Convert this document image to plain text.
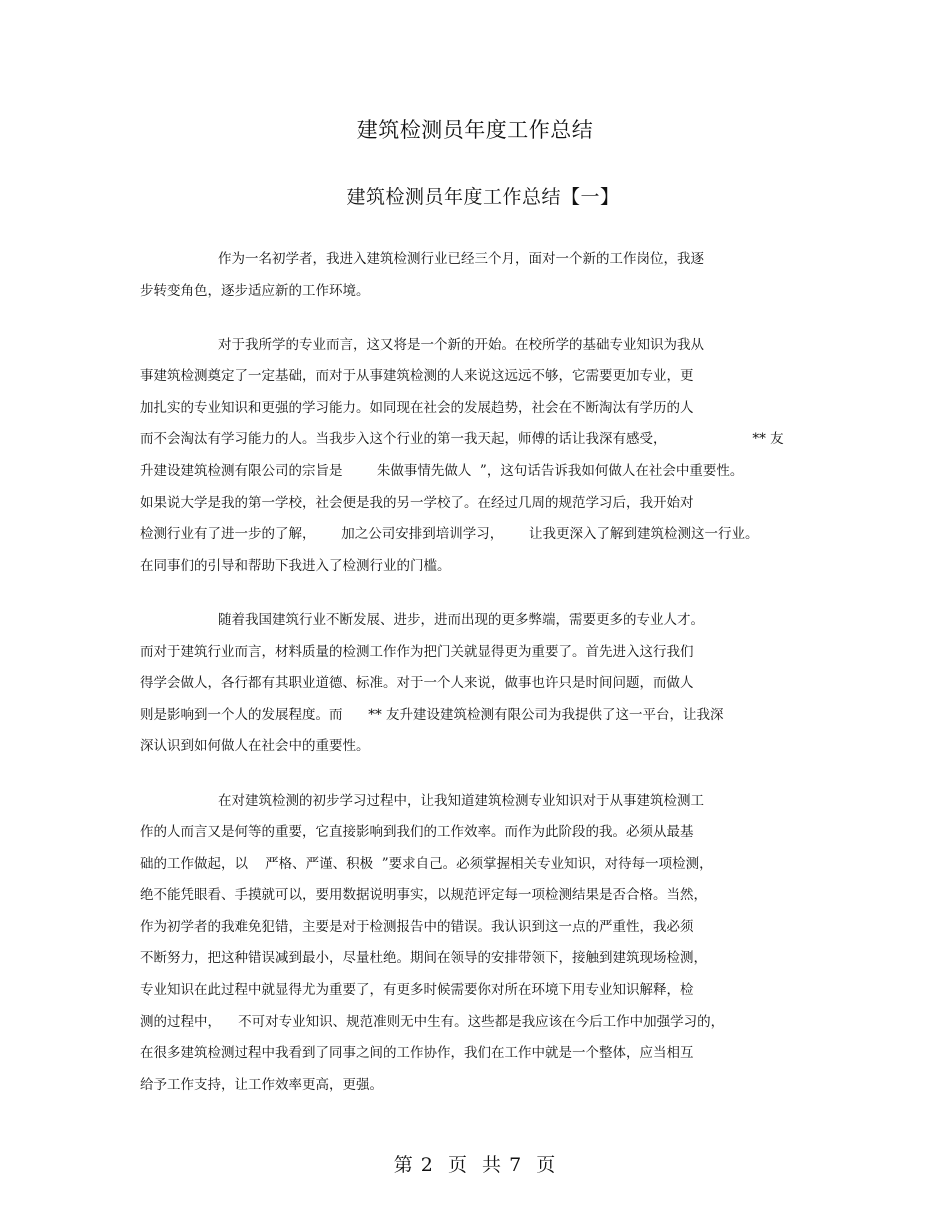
建筑检测员年度工作总结
建筑检测员年度工作总结【一】
作为一名初学者，我进入建筑检测行业已经三个月，面对一个新的工作岗位，我逐
步转变角色，逐步适应新的工作环境。
对于我所学的专业而言，这又将是一个新的开始。在校所学的基础专业知识为我从
事建筑检测奠定了一定基础，而对于从事建筑检测的人来说这远远不够，它需要更加专业，更
加扎实的专业知识和更强的学习能力。如同现在社会的发展趋势，社会在不断淘汰有学历的人
而不会淘汰有学习能力的人。当我步入这个行业的第一我天起，师傅的话让我深有感受，                    ** 友
升建设建筑检测有限公司的宗旨是        朱做事情先做人  ”，这句话告诉我如何做人在社会中重要性。
如果说大学是我的第一学校，社会便是我的另一学校了。在经过几周的规范学习后，我开始对
检测行业有了进一步的了解，      加之公司安排到培训学习，      让我更深入了解到建筑检测这一行业。
在同事们的引导和帮助下我进入了检测行业的门槛。
随着我国建筑行业不断发展、进步，进而出现的更多弊端，需要更多的专业人才。
而对于建筑行业而言，材料质量的检测工作作为把门关就显得更为重要了。首先进入这行我们
得学会做人，各行都有其职业道德、标准。对于一个人来说，做事也许只是时间问题，而做人
则是影响到一个人的发展程度。而      ** 友升建设建筑检测有限公司为我提供了这一平台，让我深
深认识到如何做人在社会中的重要性。
在对建筑检测的初步学习过程中，让我知道建筑检测专业知识对于从事建筑检测工
作的人而言又是何等的重要，它直接影响到我们的工作效率。而作为此阶段的我。必须从最基
础的工作做起，以    严格、严谨、积极  ”要求自己。必须掌握相关专业知识，对待每一项检测，
绝不能凭眼看、手摸就可以，要用数据说明事实，以规范评定每一项检测结果是否合格。当然，
作为初学者的我难免犯错，主要是对于检测报告中的错误。我认识到这一点的严重性，我必须
不断努力，把这种错误减到最小，尽量杜绝。期间在领导的安排带领下，接触到建筑现场检测，
专业知识在此过程中就显得尤为重要了，有更多时候需要你对所在环境下用专业知识解释，检
测的过程中，    不可对专业知识、规范准则无中生有。这些都是我应该在今后工作中加强学习的，
在很多建筑检测过程中我看到了同事之间的工作协作，我们在工作中就是一个整体，应当相互
给予工作支持，让工作效率更高，更强。
第 2  页  共 7  页
